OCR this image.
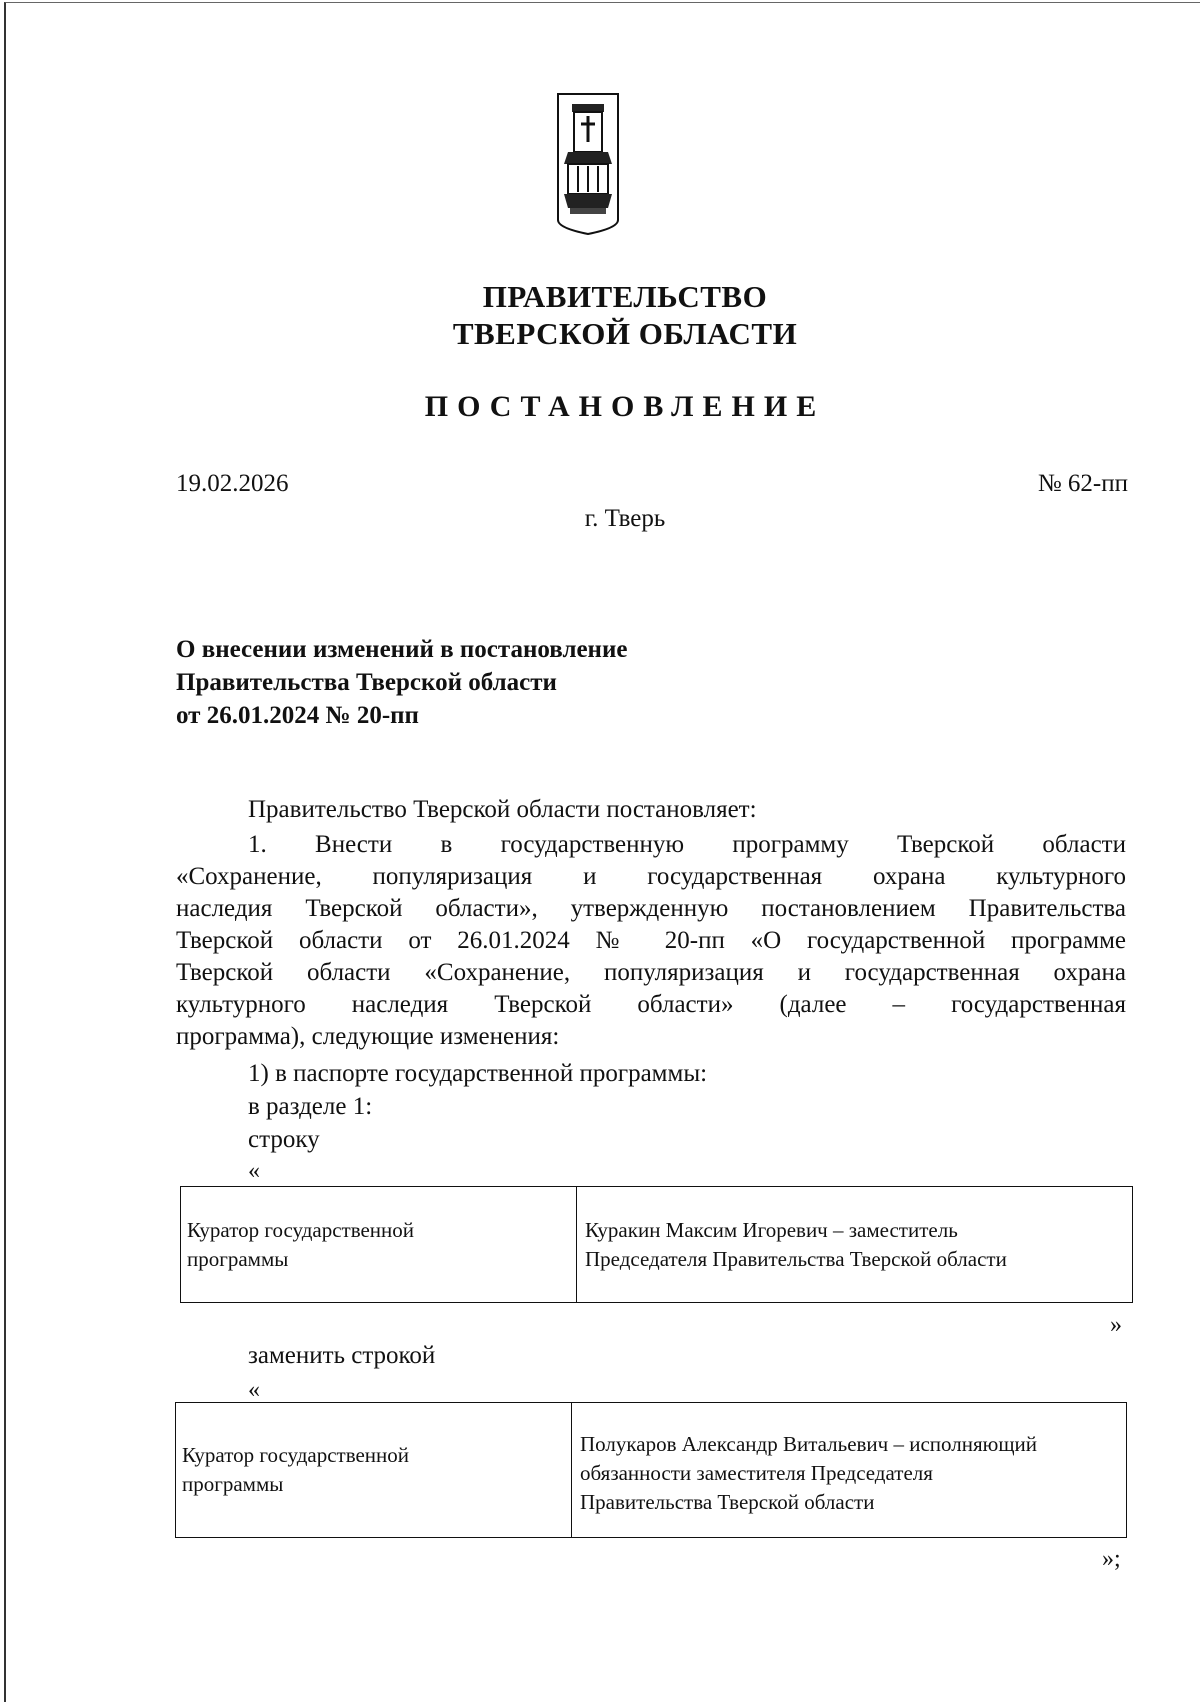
ПРАВИТЕЛЬСТВО
ТВЕРСКОЙ ОБЛАСТИ
ПОСТАНОВЛЕНИЕ
19.02.2026	№ 62-пп
г. Тверь
О внесении изменений в постановление
Правительства Тверской области
от 26.01.2024 № 20-пп
Правительство Тверской области постановляет:
1. Внести в государственную программу Тверской области
«Сохранение, популяризация и государственная охрана культурного
наследия Тверской области», утвержденную постановлением Правительства
Тверской области от 26.01.2024 № 20-пп «О государственной программе
Тверской области «Сохранение, популяризация и государственная охрана
культурного наследия Тверской области» (далее – государственная
программа), следующие изменения:
1) в паспорте государственной программы:
в разделе 1:
строку
«
Куратор государственной
программы
Куракин Максим Игоревич – заместитель
Председателя Правительства Тверской области
»
заменить строкой
«
Куратор государственной
программы
Полукаров Александр Витальевич – исполняющий
обязанности заместителя Председателя
Правительства Тверской области
»;
